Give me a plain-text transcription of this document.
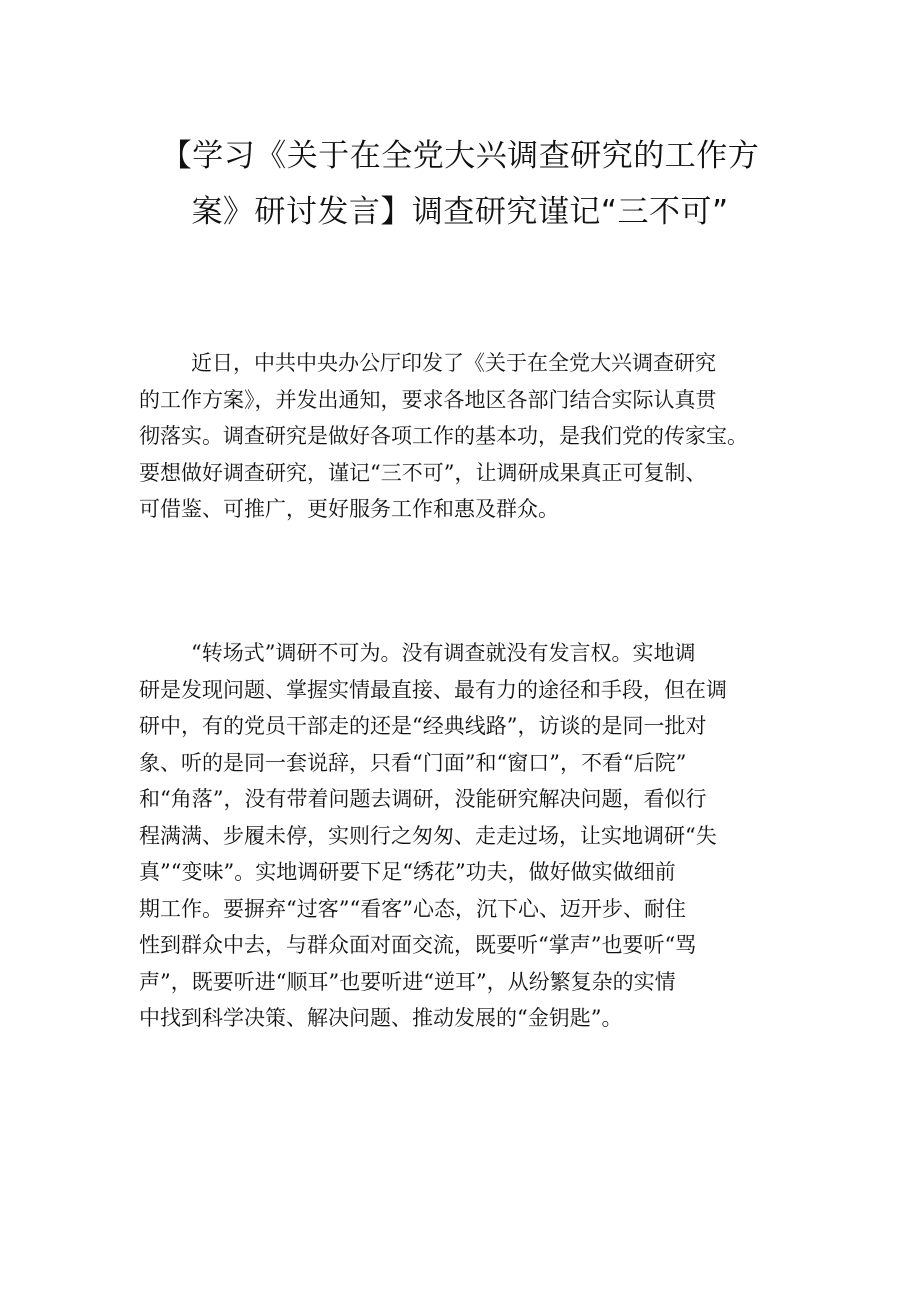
【学习《关于在全党大兴调查研究的工作方
案》研讨发言】调查研究谨记“三不可”
近日，中共中央办公厅印发了《关于在全党大兴调查研究
的工作方案》，并发出通知，要求各地区各部门结合实际认真贯
彻落实。调查研究是做好各项工作的基本功，是我们党的传家宝。
要想做好调查研究，谨记“三不可”，让调研成果真正可复制、
可借鉴、可推广，更好服务工作和惠及群众。
“转场式”调研不可为。没有调查就没有发言权。实地调
研是发现问题、掌握实情最直接、最有力的途径和手段，但在调
研中，有的党员干部走的还是“经典线路”，访谈的是同一批对
象、听的是同一套说辞，只看“门面”和“窗口”，不看“后院”
和“角落”，没有带着问题去调研，没能研究解决问题，看似行
程满满、步履未停，实则行之匆匆、走走过场，让实地调研“失
真”“变味”。实地调研要下足“绣花”功夫，做好做实做细前
期工作。要摒弃“过客”“看客”心态，沉下心、迈开步、耐住
性到群众中去，与群众面对面交流，既要听“掌声”也要听“骂
声”，既要听进“顺耳”也要听进“逆耳”，从纷繁复杂的实情
中找到科学决策、解决问题、推动发展的“金钥匙”。
